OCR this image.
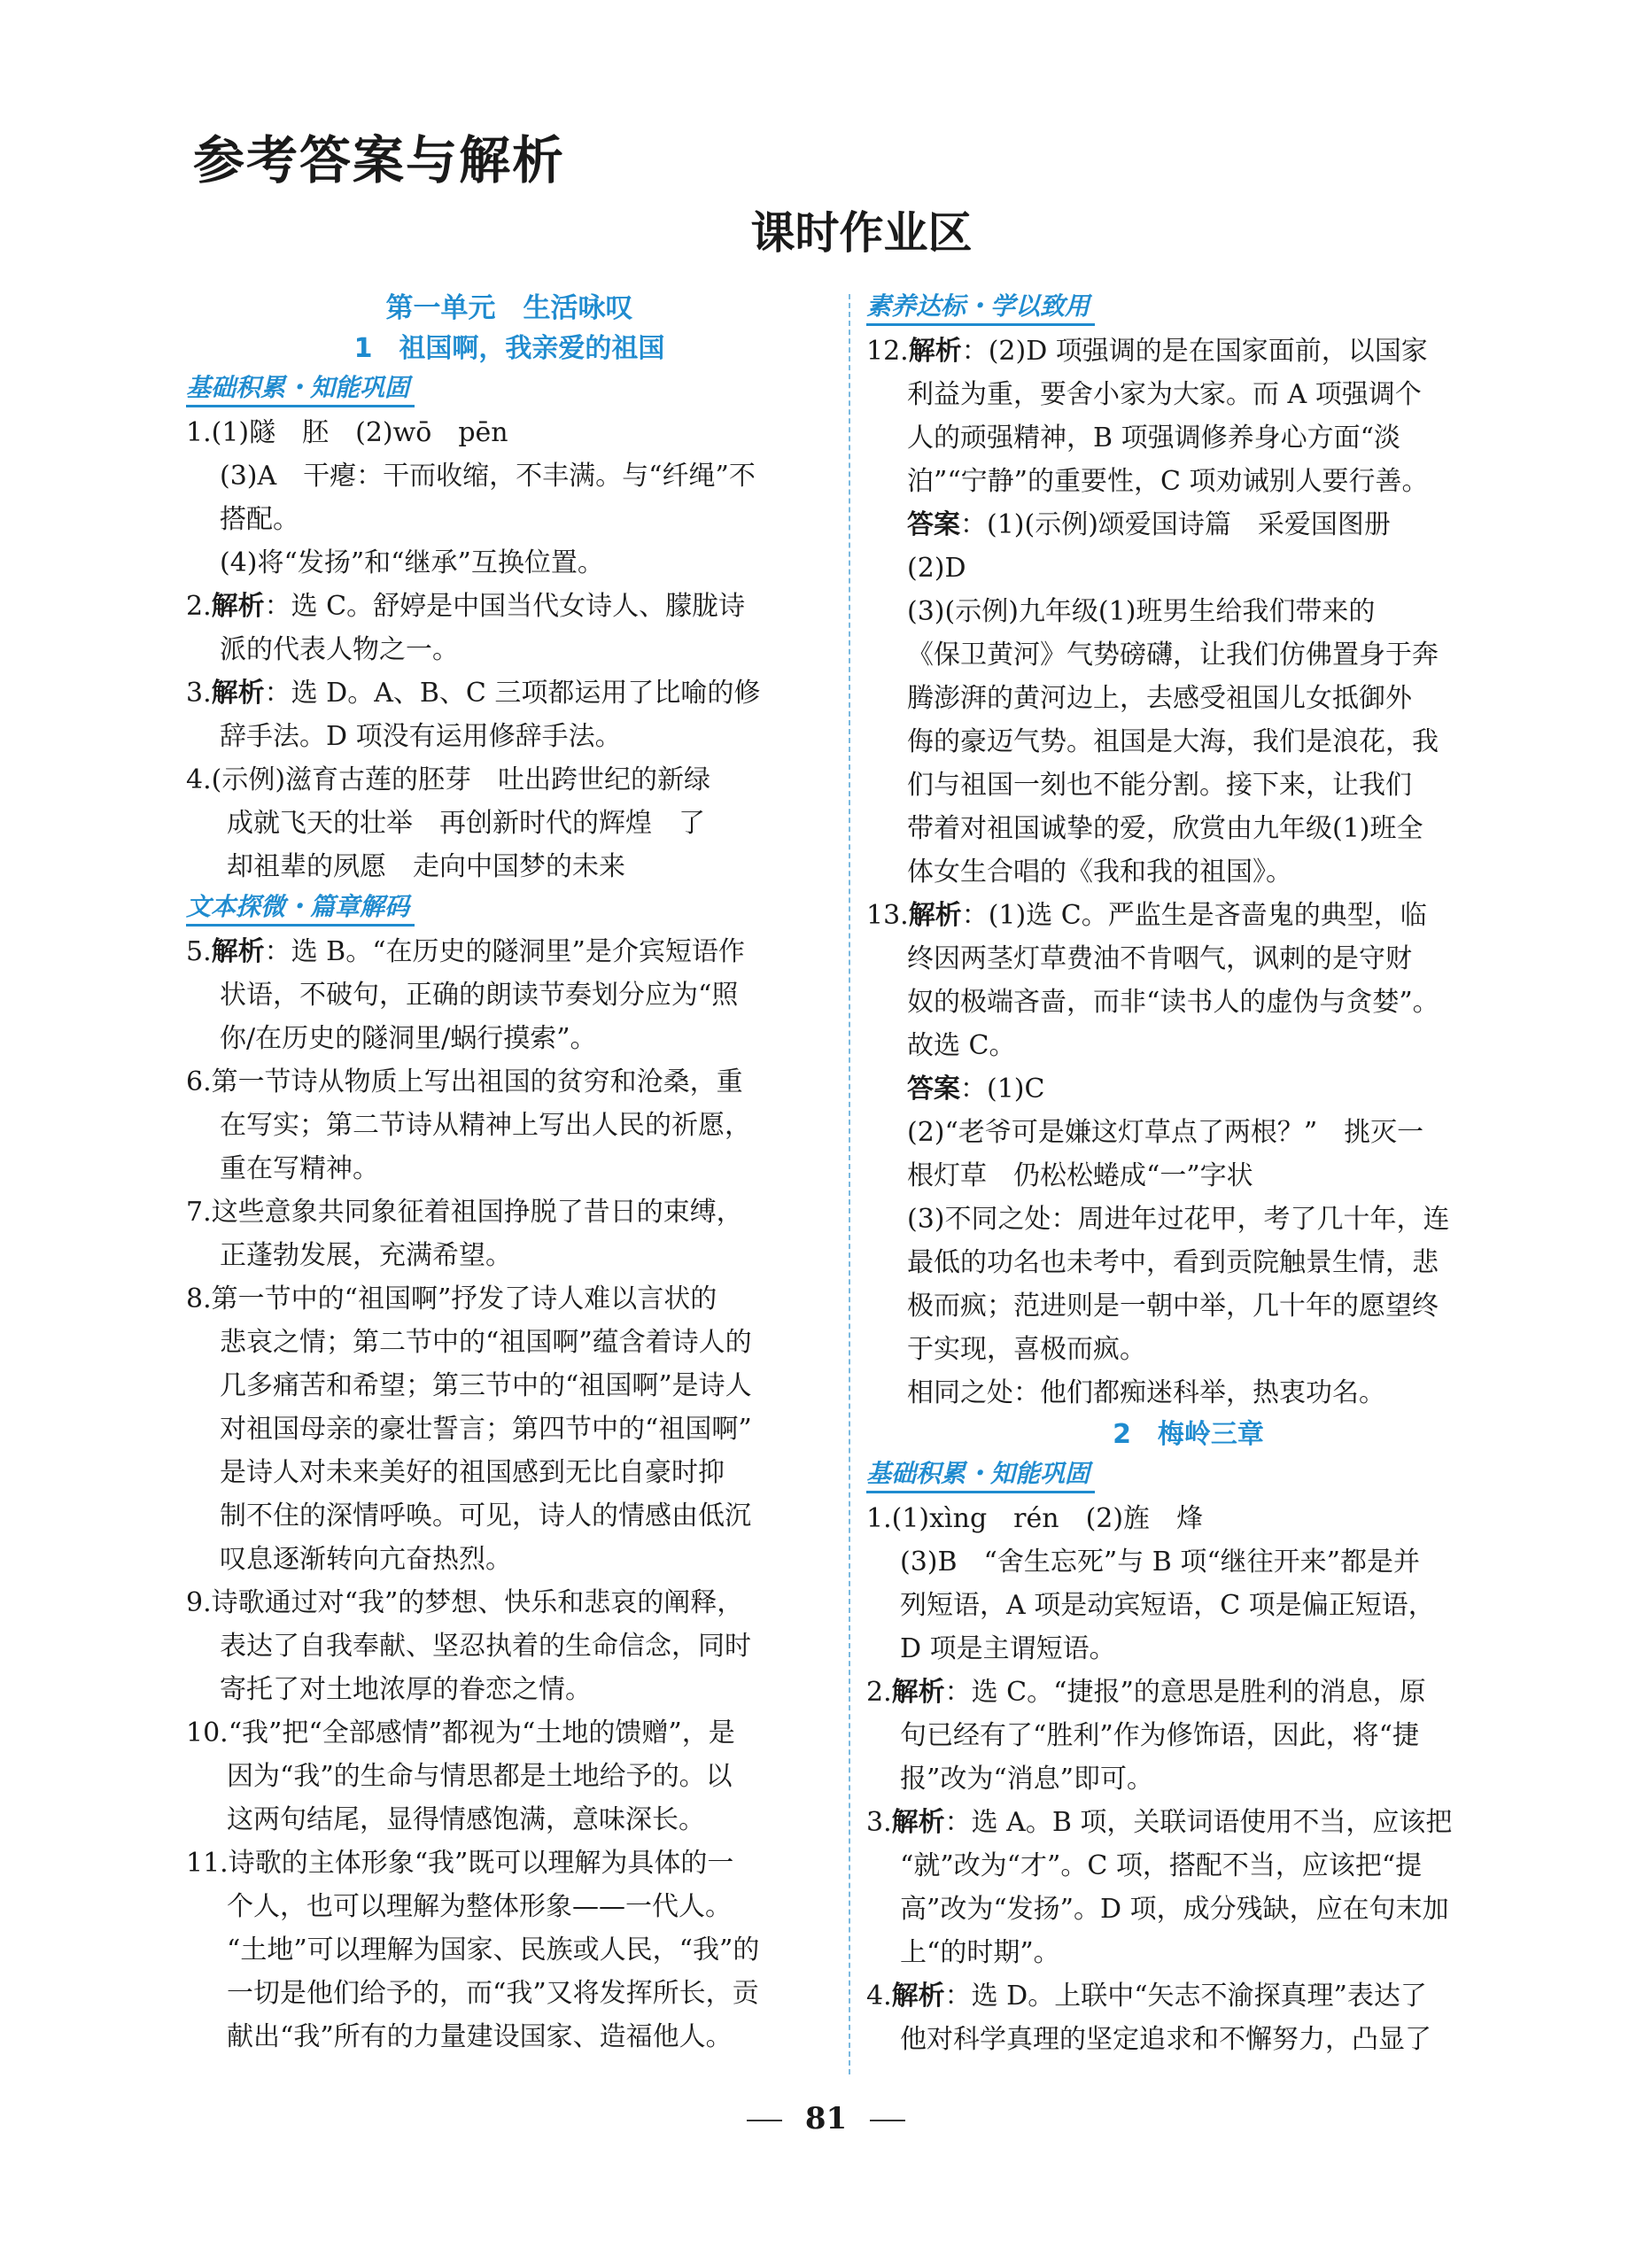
参考答案与解析
课时作业区
第一单元　生活咏叹
1　祖国啊，我亲爱的祖国
基础积累・知能巩固

1.(1)隧　胚　(2)wō　pēn

(3)A　干瘪：干而收缩，不丰满。与“纤绳”不

搭配。

(4)将“发扬”和“继承”互换位置。

2.解析：选 C。舒婷是中国当代女诗人、朦胧诗

派的代表人物之一。

3.解析：选 D。A、B、C 三项都运用了比喻的修

辞手法。D 项没有运用修辞手法。

4.(示例)滋育古莲的胚芽　吐出跨世纪的新绿

成就飞天的壮举　再创新时代的辉煌　了

却祖辈的夙愿　走向中国梦的未来

文本探微・篇章解码

5.解析：选 B。“在历史的隧洞里”是介宾短语作

状语，不破句，正确的朗读节奏划分应为“照

你/在历史的隧洞里/蜗行摸索”。

6.第一节诗从物质上写出祖国的贫穷和沧桑，重

在写实；第二节诗从精神上写出人民的祈愿，

重在写精神。

7.这些意象共同象征着祖国挣脱了昔日的束缚，

正蓬勃发展，充满希望。

8.第一节中的“祖国啊”抒发了诗人难以言状的

悲哀之情；第二节中的“祖国啊”蕴含着诗人的

几多痛苦和希望；第三节中的“祖国啊”是诗人

对祖国母亲的豪壮誓言；第四节中的“祖国啊”

是诗人对未来美好的祖国感到无比自豪时抑

制不住的深情呼唤。可见，诗人的情感由低沉

叹息逐渐转向亢奋热烈。

9.诗歌通过对“我”的梦想、快乐和悲哀的阐释，

表达了自我奉献、坚忍执着的生命信念，同时

寄托了对土地浓厚的眷恋之情。

10.“我”把“全部感情”都视为“土地的馈赠”，是

因为“我”的生命与情思都是土地给予的。以

这两句结尾，显得情感饱满，意味深长。

11.诗歌的主体形象“我”既可以理解为具体的一

个人，也可以理解为整体形象——一代人。

“土地”可以理解为国家、民族或人民，“我”的

一切是他们给予的，而“我”又将发挥所长，贡

献出“我”所有的力量建设国家、造福他人。

素养达标・学以致用

12.解析：(2)D 项强调的是在国家面前，以国家

利益为重，要舍小家为大家。而 A 项强调个

人的顽强精神，B 项强调修养身心方面“淡

泊”“宁静”的重要性，C 项劝诫别人要行善。

答案：(1)(示例)颂爱国诗篇　采爱国图册

(2)D

(3)(示例)九年级(1)班男生给我们带来的

《保卫黄河》气势磅礴，让我们仿佛置身于奔

腾澎湃的黄河边上，去感受祖国儿女抵御外

侮的豪迈气势。祖国是大海，我们是浪花，我

们与祖国一刻也不能分割。接下来，让我们

带着对祖国诚挚的爱，欣赏由九年级(1)班全

体女生合唱的《我和我的祖国》。

13.解析：(1)选 C。严监生是吝啬鬼的典型，临

终因两茎灯草费油不肯咽气，讽刺的是守财

奴的极端吝啬，而非“读书人的虚伪与贪婪”。

故选 C。

答案：(1)C

(2)“老爷可是嫌这灯草点了两根？”　挑灭一

根灯草　仍松松蜷成“一”字状

(3)不同之处：周进年过花甲，考了几十年，连

最低的功名也未考中，看到贡院触景生情，悲

极而疯；范进则是一朝中举，几十年的愿望终

于实现，喜极而疯。

相同之处：他们都痴迷科举，热衷功名。

2　梅岭三章
基础积累・知能巩固

1.(1)xìng　rén　(2)旌　烽

(3)B　“舍生忘死”与 B 项“继往开来”都是并

列短语，A 项是动宾短语，C 项是偏正短语，

D 项是主谓短语。

2.解析：选 C。“捷报”的意思是胜利的消息，原

句已经有了“胜利”作为修饰语，因此，将“捷

报”改为“消息”即可。

3.解析：选 A。B 项，关联词语使用不当，应该把

“就”改为“才”。C 项，搭配不当，应该把“提

高”改为“发扬”。D 项，成分残缺，应在句末加

上“的时期”。

4.解析：选 D。上联中“矢志不渝探真理”表达了

他对科学真理的坚定追求和不懈努力，凸显了

81
